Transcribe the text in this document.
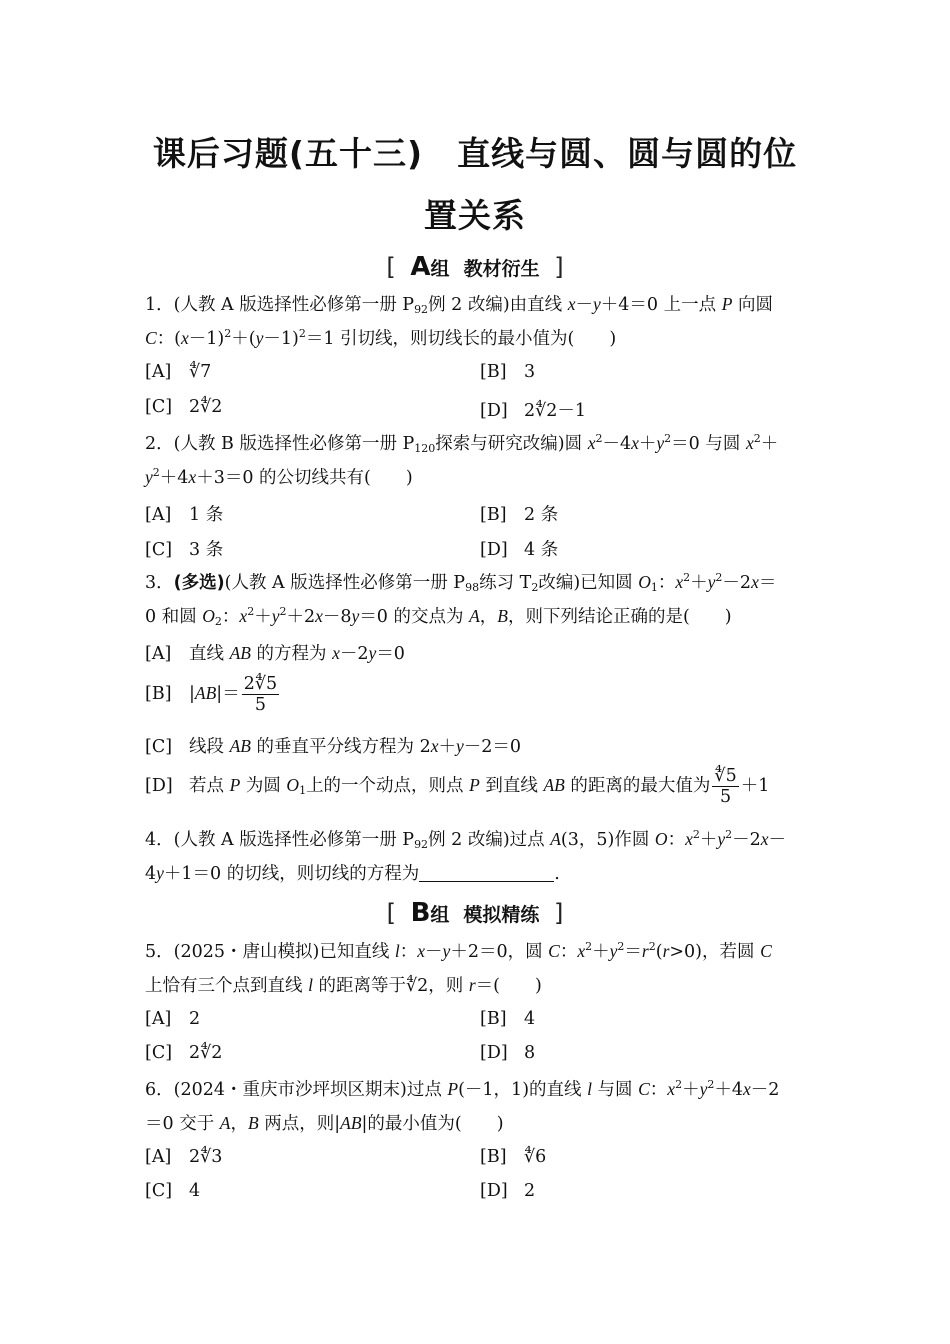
课后习题(五十三)　直线与圆、圆与圆的位
置关系
[ A组 教材衍生 ]
1．(人教 A 版选择性必修第一册 $P_{92}$例 2 改编)由直线 x－y＋4＝0 上一点 P 向圆
C：$(x-1)^2+(y-1)^2=1$ 引切线，则切线长的最小值为(　　)
[A] ∜7	[B] 3
[C] 2∜2	[D] 2∜2－1
2．(人教 B 版选择性必修第一册 $P_{120}$探索与研究改编)圆 $x^2-4x+y^2=0$ 与圆 $x^2+$
$y^2+4x+3=0$ 的公切线共有(　　)
[A] 1 条	[B] 2 条
[C] 3 条	[D] 4 条
3．(多选)(人教 A 版选择性必修第一册 $P_{98}$练习 $T_2$改编)已知圆 $O_1$：$x^2+y^2-2x=$
0 和圆 $O_2$：$x^2+y^2+2x-8y=0$ 的交点为 A，B，则下列结论正确的是(　　)
[A] 直线 AB 的方程为 x－2y＝0
[B] $|AB|= \frac{2∜5}{5}$
[C] 线段 AB 的垂直平分线方程为 2x＋y－2＝0
[D] 若点 P 为圆 $O_1$上的一个动点，则点 P 到直线 AB 的距离的最大值为 $\frac{∜5}{5} +1$
4．(人教 A 版选择性必修第一册 $P_{92}$例 2 改编)过点 A(3，5)作圆 O：$x^2+y^2-2x-$
4y＋1＝0 的切线，则切线的方程为	.
[ B组 模拟精练 ]
5．(2025・唐山模拟)已知直线 l：x－y＋2＝0，圆 C：$x^2+y^2=r^2(r>0)$，若圆 C
上恰有三个点到直线 l 的距离等于∜2，则 r＝(　　)
[A] 2	[B] 4
[C] 2∜2	[D] 8
6．(2024・重庆市沙坪坝区期末)过点 P(－1，1)的直线 l 与圆 C：$x^2+y^2+4x-2$
＝0 交于 A，B 两点，则|AB|的最小值为(　　)
[A] 2∜3	[B] ∜6
[C] 4	[D] 2
